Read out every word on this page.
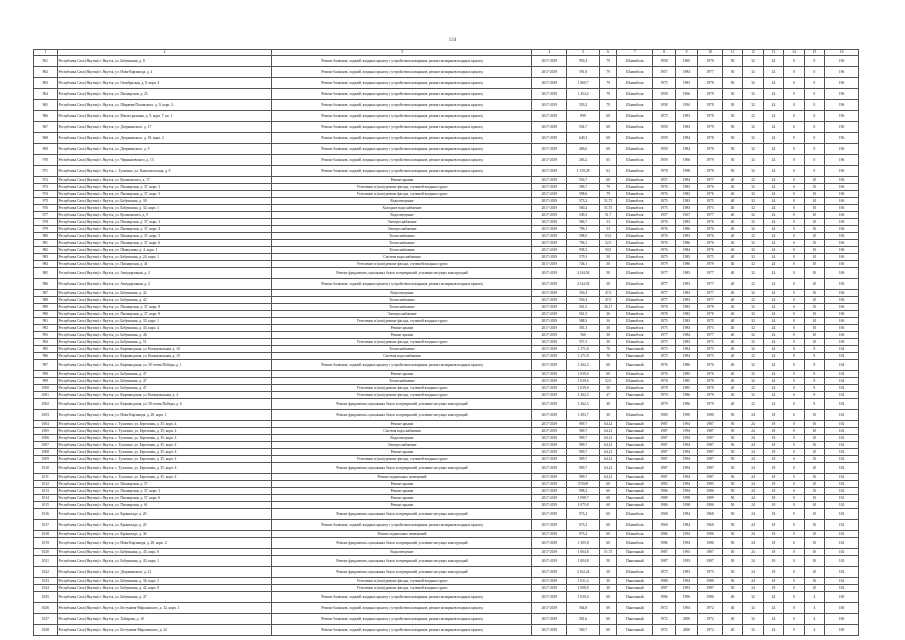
134
1	2	3	4	5	6	7	8	9	10	11	12	13	14	15	16
961	Республика Саха (Якутия) г. Якутск, ул. Бабушкина, д. 8	Ремонт балконов, лоджий, входных крылец с устройством козырьков, ремонт козырьков входных крылец	2017-2019	959,2	79	Шлакоблок	1958	1965	1978	50	32	24	0	0	196
962	Республика Саха (Якутия) г. Якутск, ул. Нова-Кирзавода, д. 4	Ремонт балконов, лоджий, входных крылец с устройством козырьков, ремонт козырьков входных крылец	2017-2019	591,8	79	Шлакоблок	1957	1984	1977	50	32	24	0	0	196
963	Республика Саха (Якутия) г. Якутск, ул. Октябрьская, д. 8, корп. 4	Ремонт балконов, лоджий, входных крылец с устройством козырьков, ремонт козырьков входных крылец	2017-2019	1 860,7	79	Шлакоблок	1975	1983	1978	50	32	24	0	0	196
964	Республика Саха (Якутия) г. Якутск, ул. Пионерская, д. 25	Ремонт балконов, лоджий, входных крылец с устройством козырьков, ремонт козырьков входных крылец	2017-2019	1 454,4	79	Шлакоблок	1958	1966	1979	50	32	24	0	0	196
965	Республика Саха (Якутия) г. Якутск, ул. Ширяева-Поповского, д. 9, корп. 2	Ремонт балконов, лоджий, входных крылец с устройством козырьков, ремонт козырьков входных крылец	2017-2019	559,2	79	Шлакоблок	1958	1994	1978	50	32	24	0	0	196
966	Республика Саха (Якутия) г. Якутск, ул. Магистральная, д. 9, корп. 7, кв. 1	Ремонт балконов, лоджий, входных крылец с устройством козырьков, ремонт козырьков входных крылец	2017-2019	899	68	Шлакоблок	1975	1983	1978	50	32	24	0	0	196
967	Республика Саха (Якутия) г. Якутск, ул. Дзержинского, д. 17	Ремонт балконов, лоджий, входных крылец с устройством козырьков, ремонт козырьков входных крылец	2017-2019	554,7	68	Шлакоблок	1959	1983	1979	50	32	24	0	0	196
968	Республика Саха (Якутия) г. Якутск, ул. Дзержинского, д. 18, корп. 2	Ремонт балконов, лоджий, входных крылец с устройством козырьков, ремонт козырьков входных крылец	2017-2019	640,3	68	Шлакоблок	1959	1984	1978	50	32	24	0	0	196
969	Республика Саха (Якутия) г. Якутск, ул. Дзержинского, д. 9	Ремонт балконов, лоджий, входных крылец с устройством козырьков, ремонт козырьков входных крылец	2017-2019	406,6	68	Шлакоблок	1959	1984	1978	50	32	24	0	0	196
970	Республика Саха (Якутия) г. Якутск, ул. Чернышевского, д. 15	Ремонт балконов, лоджий, входных крылец с устройством козырьков, ремонт козырьков входных крылец	2017-2019	263,2	65	Шлакоблок	1959	1966	1979	50	32	24	0	0	196
971	Республика Саха (Якутия) г. Якутск, с. Тулагино, ул. Комсомольская, д. 9	Ремонт балконов, лоджий, входных крылец с устройством козырьков, ремонт козырьков входных крылец	2017-2019	1 159,29	62	Шлакоблок	1978	1998	1978	50	32	24	0	0	196
972	Республика Саха (Якутия) г. Якутск, ул. Кулаковского, д. 17	Ремонт крыши	2017-2019	556,7	60	Шлакоблок	1957	1984	1977	40	32	24	0	10	106
973	Республика Саха (Якутия) г. Якутск, ул. Пионерская, д. 37, корп. 3	Утепление и (или) ремонт фасада, ступеней входных групп	2017-2019	586,7	79	Шлакоблок	1976	1983	1976	40	32	24	0	10	106
974	Республика Саха (Якутия) г. Якутск, ул. Пионерская, д. 37, корп. 5	Утепление и (или) ремонт фасада, ступеней входных групп	2017-2019	598,6	79	Шлакоблок	1976	1983	1976	40	32	24	0	10	106
975	Республика Саха (Якутия) г. Якутск, ул. Бабушкина, д. 30	Водоотведение	2017-2019	573,2	51,75	Шлакоблок	1975	1983	1975	40	32	24	0	10	106
976	Республика Саха (Якутия) г. Якутск, ул. Бабушкина, д. 32, корп. 1	Холодное водоснабжение	2017-2019	560,2	51,75	Шлакоблок	1975	1983	1975	40	32	24	0	10	106
977	Республика Саха (Якутия) г. Якутск, ул. Кулаковского, д. 9	Водоотведение	2017-2019	549,3	51,7	Шлакоблок	1957	1967	1977	40	32	24	0	10	106
978	Республика Саха (Якутия) г. Якутск, ул. Пионерская, д. 37, корп. 3	Электроснабжение	2017-2019	586,7	53	Шлакоблок	1976	1983	1976	40	32	24	0	10	106
979	Республика Саха (Якутия) г. Якутск, ул. Пионерская, д. 37, корп. 4	Электроснабжение	2017-2019	796,1	53	Шлакоблок	1976	1986	1976	40	32	24	0	10	106
980	Республика Саха (Якутия) г. Якутск, ул. Пионерская, д. 37, корп. 5	Теплоснабжение	2017-2019	598,5	53,5	Шлакоблок	1976	1983	1976	40	32	24	0	10	106
981	Республика Саха (Якутия) г. Якутск, ул. Пионерская, д. 37, корп. 6	Теплоснабжение	2017-2019	796,1	52,5	Шлакоблок	1976	1986	1976	40	32	24	0	10	106
982	Республика Саха (Якутия) г. Якутск, ул. Шавкунова, д. 4, корп. 1	Теплоснабжение	2017-2019	938,3	50,5	Шлакоблок	1976	1984	1976	40	32	24	0	10	106
983	Республика Саха (Якутия) г. Якутск, ул. Бабушкина, д. 24, корп. 1	Система водоснабжения	2017-2019	579,3	50	Шлакоблок	1975	1983	1975	40	32	24	0	10	106
984	Республика Саха (Якутия) г. Якутск, ул. Пионерская, д. 41	Утепление и (или) ремонт фасада, ступеней входных групп	2017-2019	746,1	50	Шлакоблок	1979	1986	1979	40	32	24	0	10	106
985	Республика Саха (Якутия) г. Якутск, ул. Автодорожная, д. 2	Ремонт фундамента, цокольных балок и перекрытий, усиление несущих конструкций	2017-2019	4 144,92	50	Шлакоблок	1977	1983	1977	40	32	24	0	10	106
986	Республика Саха (Якутия) г. Якутск, ул. Автодорожная, д. 2	Ремонт балконов, лоджий, входных крылец с устройством козырьков, ремонт козырьков входных крылец	2017-2019	4 144,92	50	Шлакоблок	1977	1983	1977	40	32	24	0	10	106
987	Республика Саха (Якутия) г. Якутск, ул. Бабушкина, д. 42	Водоотведение	2017-2019	556,3	47,5	Шлакоблок	1977	1983	1977	40	32	24	0	10	106
988	Республика Саха (Якутия) г. Якутск, ул. Бабушкина, д. 42	Теплоснабжение	2017-2019	556,3	47,5	Шлакоблок	1977	1983	1977	40	32	24	0	10	106
989	Республика Саха (Якутия) г. Якутск, ул. Пионерская, д. 37, корп. 8	Теплоснабжение	2017-2019	561,5	36,17	Шлакоблок	1978	1983	1978	40	32	24	0	10	106
990	Республика Саха (Якутия) г. Якутск, ул. Пионерская, д. 37, корп. 8	Электроснабжение	2017-2019	561,5	36	Шлакоблок	1978	1983	1978	40	32	24	0	10	106
991	Республика Саха (Якутия) г. Якутск, ул. Бабушкина, д. 35, корп. 1	Утепление и (или) ремонт фасада, ступеней входных групп	2017-2019	588,5	36	Шлакоблок	1975	1983	1975	40	32	24	0	10	106
992	Республика Саха (Якутия) г. Якутск, ул. Бабушкина, д. 43, корп. 4	Ремонт крыши	2017-2019	581,3	30	Шлакоблок	1975	1983	1975	40	32	24	0	10	106
993	Республика Саха (Якутия) г. Якутск, ул. Бабушкина, д. 46	Ремонт крыши	2017-2019	560	30	Шлакоблок	1977	1984	1977	40	32	24	0	10	106
994	Республика Саха (Якутия) г. Якутск, ул. Бабушкина, д. 51	Утепление и (или) ремонт фасада, ступеней входных групп	2017-2019	557,3	30	Шлакоблок	1975	1983	1975	40	32	24	0	10	106
995	Республика Саха (Якутия) г. Якутск, ул. Кирзаводская, ул. Коммунальная, д. 10	Теплоснабжение	2017-2019	1 271,8	70	Панельный	1975	1984	1975	40	32	24	8	8	104
996	Республика Саха (Якутия) г. Якутск, ул. Кирзаводская, ул. Коммунальная, д. 10	Система водоснабжения	2017-2019	1 271,8	70	Панельный	1975	1984	1975	40	32	24	8	8	104
997	Республика Саха (Якутия) г. Якутск, ул. Кирзаводская, ул. 50-летия Победы, д. 1	Ремонт балконов, лоджий, входных крылец с устройством козырьков, ремонт козырьков входных крылец	2017-2019	1 262,2	60	Панельный	1976	1986	1976	40	32	24	0	8	104
998	Республика Саха (Якутия) г. Якутск, ул. Бабушкина, д. 47	Ремонт крыши	2017-2019	1 039,6	60	Шлакоблок	1976	1985	1976	40	32	24	0	8	104
999	Республика Саха (Якутия) г. Якутск, ул. Бабушкина, д. 47	Теплоснабжение	2017-2019	1 039,6	52,5	Шлакоблок	1978	1985	1978	40	32	24	0	8	104
1000	Республика Саха (Якутия) г. Якутск, ул. Бабушкина, д. 47	Утепление и (или) ремонт фасада, ступеней входных групп	2017-2019	1 039,6	50	Шлакоблок	1978	1985	1978	40	32	24	0	8	104
1001	Республика Саха (Якутия) г. Якутск, ул. Кирзаводская, ул. Коммунальная, д. 4	Утепление и (или) ремонт фасада, ступеней входных групп	2017-2019	1 262,3	47	Панельный	1979	1986	1979	40	32	24	0	8	104
1002	Республика Саха (Якутия) г. Якутск, ул. Кирзаводская, ул. 50-летия Победы, д. 6	Ремонт фундамента, цокольных балок и перекрытий, усиление несущих конструкций	2017-2019	1 262,3	40	Панельный	1979	1986	1979	40	32	24	0	8	104
1003	Республика Саха (Якутия) г. Якутск, ул. Нова-Кирзавода, д. 20, корп. 1	Ремонт фундамента, цокольных балок и перекрытий, усиление несущих конструкций	2017-2019	1 493,7	30	Шлакоблок	1980	1990	1980	50	24	18	0	10	102
1004	Республика Саха (Якутия) г. Якутск, с. Тулагино, ул. Березовая, д. 35, корп. 4	Ремонт крыши	2017-2019	909,7	64,12	Панельный	1987	1994	1987	50	24	18	0	10	102
1005	Республика Саха (Якутия) г. Якутск, с. Тулагино, ул. Березовая, д. 35, корп. 4	Система водоснабжения	2017-2019	909,7	64,12	Панельный	1987	1994	1987	50	24	18	0	10	102
1006	Республика Саха (Якутия) г. Якутск, с. Тулагино, ул. Березовая, д. 35, корп. 4	Водоотведение	2017-2019	909,7	64,12	Панельный	1987	1994	1987	50	24	18	0	10	102
1007	Республика Саха (Якутия) г. Якутск, с. Тулагино, ул. Березовая, д. 35, корп. 4	Электроснабжение	2017-2019	909,7	64,12	Панельный	1987	1994	1987	50	24	18	0	10	102
1008	Республика Саха (Якутия) г. Якутск, с. Тулагино, ул. Березовая, д. 35, корп. 4	Ремонт крыши	2017-2019	909,7	64,12	Панельный	1987	1994	1987	50	24	18	0	10	102
1009	Республика Саха (Якутия) г. Якутск, с. Тулагино, ул. Березовая, д. 35, корп. 4	Утепление и (или) ремонт фасада, ступеней входных групп	2017-2019	909,7	64,12	Панельный	1987	1994	1987	50	24	18	0	10	102
1010	Республика Саха (Якутия) г. Якутск, с. Тулагино, ул. Березовая, д. 35, корп. 4	Ремонт фундамента, цокольных балок и перекрытий, усиление несущих конструкций	2017-2019	909,7	64,12	Панельный	1987	1994	1987	50	24	18	0	10	102
1011	Республика Саха (Якутия) г. Якутск, с. Тулагино, ул. Березовая, д. 35, корп. 4	Ремонт подвальных помещений	2017-2019	909,7	64,12	Панельный	1987	1994	1987	50	24	18	0	10	102
1012	Республика Саха (Якутия) г. Якутск, ул. Пионерская, д. 57	Ремонт крыши	2017-2019	570,69	60	Панельный	1985	1994	1985	50	24	18	0	10	102
1013	Республика Саха (Якутия) г. Якутск, ул. Пионерская, д. 57, корп. 3	Ремонт крыши	2017-2019	998,2	60	Панельный	1986	1994	1986	50	24	18	0	10	102
1014	Республика Саха (Якутия) г. Якутск, ул. Пионерская, д. 57, корп. 6	Ремонт крыши	2017-2019	1 098,7	60	Панельный	1989	1998	1989	50	24	18	0	10	102
1015	Республика Саха (Якутия) г. Якутск, ул. Пионерская, д. 61	Ремонт крыши	2017-2019	1 075,8	60	Панельный	1986	1998	1986	50	24	18	0	10	102
1016	Республика Саха (Якутия) г. Якутск, ул. Кронштадт, д. 20	Ремонт фундамента, цокольных балок и перекрытий, усиление несущих конструкций	2017-2019	973,2	60	Шлакоблок	1968	1984	1968	50	24	18	0	10	102
1017	Республика Саха (Якутия) г. Якутск, ул. Кронштадт, д. 20	Ремонт балконов, лоджий, входных крылец с устройством козырьков, ремонт козырьков входных крылец	2017-2019	973,2	60	Шлакоблок	1968	1984	1968	50	24	18	0	10	102
1018	Республика Саха (Якутия) г. Якутск, ул. Кронштадт, д. 36	Ремонт подвальных помещений	2017-2019	973,2	60	Шлакоблок	1986	1994	1986	50	24	18	0	10	102
1019	Республика Саха (Якутия) г. Якутск, ул. Нова-Кирзавода, д. 20, корп. 2	Ремонт фундамента, цокольных балок и перекрытий, усиление несущих конструкций	2017-2019	1 305,8	60	Шлакоблок	1986	1994	1986	50	24	18	0	10	102
1020	Республика Саха (Якутия) г. Якутск, ул. Бабушкина, д. 45, корп. 8	Водоотведение	2017-2019	1 004,8	51,75	Панельный	1987	1993	1987	50	24	18	0	10	102
1021	Республика Саха (Якутия) г. Якутск, ул. Бабушкина, д. 45, корп. 1	Ремонт фундамента, цокольных балок и перекрытий, усиление несущих конструкций	2017-2019	1 004,8	50	Панельный	1987	1993	1987	50	24	18	0	10	102
1022	Республика Саха (Якутия) г. Якутск, ул. Дзержинского, д. 21	Ремонт фундамента, цокольных балок и перекрытий, усиление несущих конструкций	2017-2019	3 162,24	50	Шлакоблок	1975	1983	1975	50	24	18	0	10	102
1023	Республика Саха (Якутия) г. Якутск, ул. Бабушкина, д. 36, корп. 2	Утепление и (или) ремонт фасада, ступеней входных групп	2017-2019	1 031,4	30	Панельный	1988	1994	1988	50	24	18	0	10	102
1024	Республика Саха (Якутия) г. Якутск, ул. Бабушкина, д. 42, корп. 8	Утепление и (или) ремонт фасада, ступеней входных групп	2017-2019	1 008,6	30	Панельный	1987	1993	1987	50	24	18	0	10	102
1025	Республика Саха (Якутия) г. Якутск, ул. Бабушкина, д. 47	Ремонт балконов, лоджий, входных крылец с устройством козырьков, ремонт козырьков входных крылец	2017-2019	1 030,4	60	Панельный	1986	1996	1986	40	32	24	0	4	100
1026	Республика Саха (Якутия) г. Якутск, ул. Бестужева-Марлинского, д. 32, корп. 1	Ремонт балконов, лоджий, входных крылец с устройством козырьков, ремонт козырьков входных крылец	2017-2019	564,8	60	Панельный	1972	1994	1972	40	32	24	0	4	100
1027	Республика Саха (Якутия) г. Якутск, ул. Хабарова, д. 10	Ремонт балконов, лоджий, входных крылец с устройством козырьков, ремонт козырьков входных крылец	2017-2019	581,6	60	Панельный	1972	2000	1972	40	32	24	0	4	100
1028	Республика Саха (Якутия) г. Якутск, ул. Бестужева-Марлинского, д. 32	Ремонт балконов, лоджий, входных крылец с устройством козырьков, ремонт козырьков входных крылец	2017-2019	560,7	60	Панельный	1972	2000	1972	40	32	24	0	4	100
